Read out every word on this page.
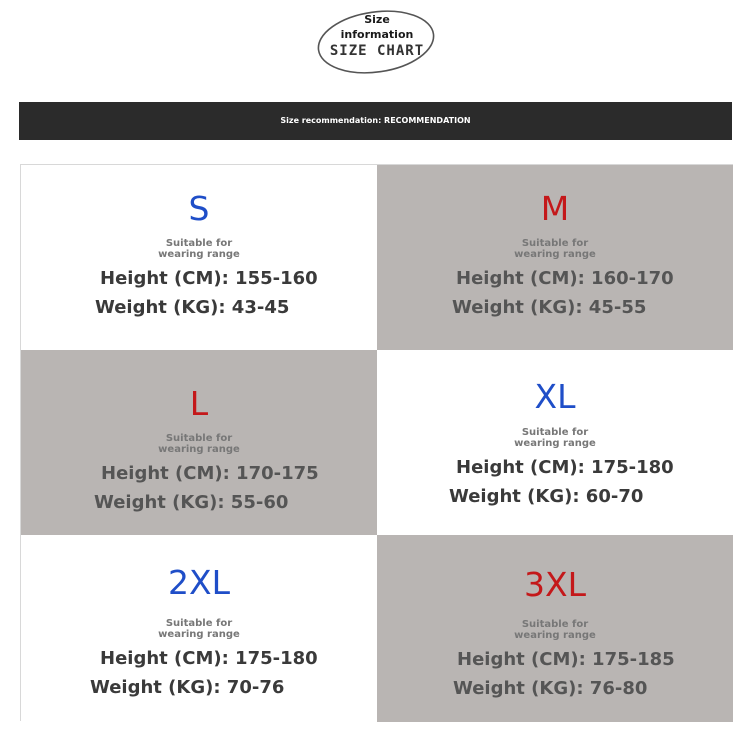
Size
information
SIZE CHART
Size recommendation: RECOMMENDATION
S
Suitable for
wearing range
Height (CM): 155-160
Weight (KG): 43-45
M
Suitable for
wearing range
Height (CM): 160-170
Weight (KG): 45-55
L
Suitable for
wearing range
Height (CM): 170-175
Weight (KG): 55-60
XL
Suitable for
wearing range
Height (CM): 175-180
Weight (KG): 60-70
2XL
Suitable for
wearing range
Height (CM): 175-180
Weight (KG): 70-76
3XL
Suitable for
wearing range
Height (CM): 175-185
Weight (KG): 76-80
